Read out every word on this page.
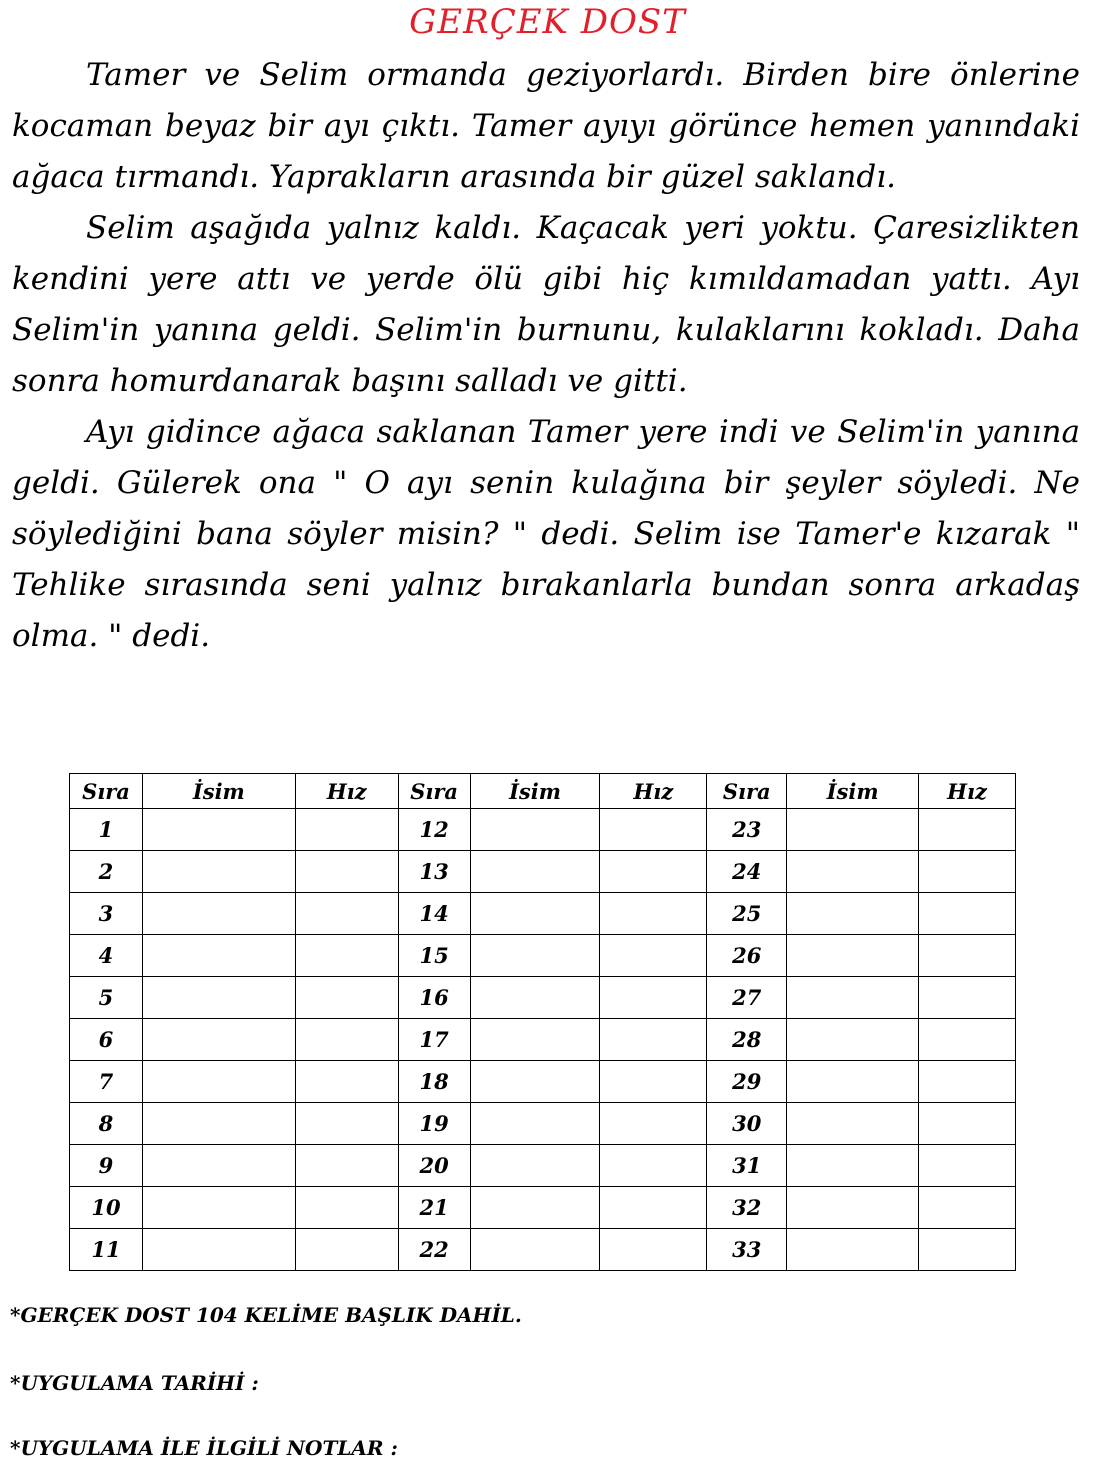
GERÇEK DOST

Tamer ve Selim ormanda geziyorlardı. Birden bire önlerine kocaman beyaz bir ayı çıktı. Tamer ayıyı görünce hemen yanındaki ağaca tırmandı. Yaprakların arasında bir güzel saklandı.

Selim aşağıda yalnız kaldı. Kaçacak yeri yoktu. Çaresizlikten kendini yere attı ve yerde ölü gibi hiç kımıldamadan yattı. Ayı Selim'in yanına geldi. Selim'in burnunu, kulaklarını kokladı. Daha sonra homurdanarak başını salladı ve gitti.

Ayı gidince ağaca saklanan Tamer yere indi ve Selim'in yanına geldi. Gülerek ona " O ayı senin kulağına bir şeyler söyledi. Ne söylediğini bana söyler misin? " dedi. Selim ise Tamer'e kızarak " Tehlike sırasında seni yalnız bırakanlarla bundan sonra arkadaş olma. " dedi.

Sıra	İsim	Hız	Sıra	İsim	Hız	Sıra	İsim	Hız
1			12			23		
2			13			24		
3			14			25		
4			15			26		
5			16			27		
6			17			28		
7			18			29		
8			19			30		
9			20			31		
10			21			32		
11			22			33		

*GERÇEK DOST 104 KELİME BAŞLIK DAHİL.

*UYGULAMA TARİHİ :

*UYGULAMA İLE İLGİLİ NOTLAR :
